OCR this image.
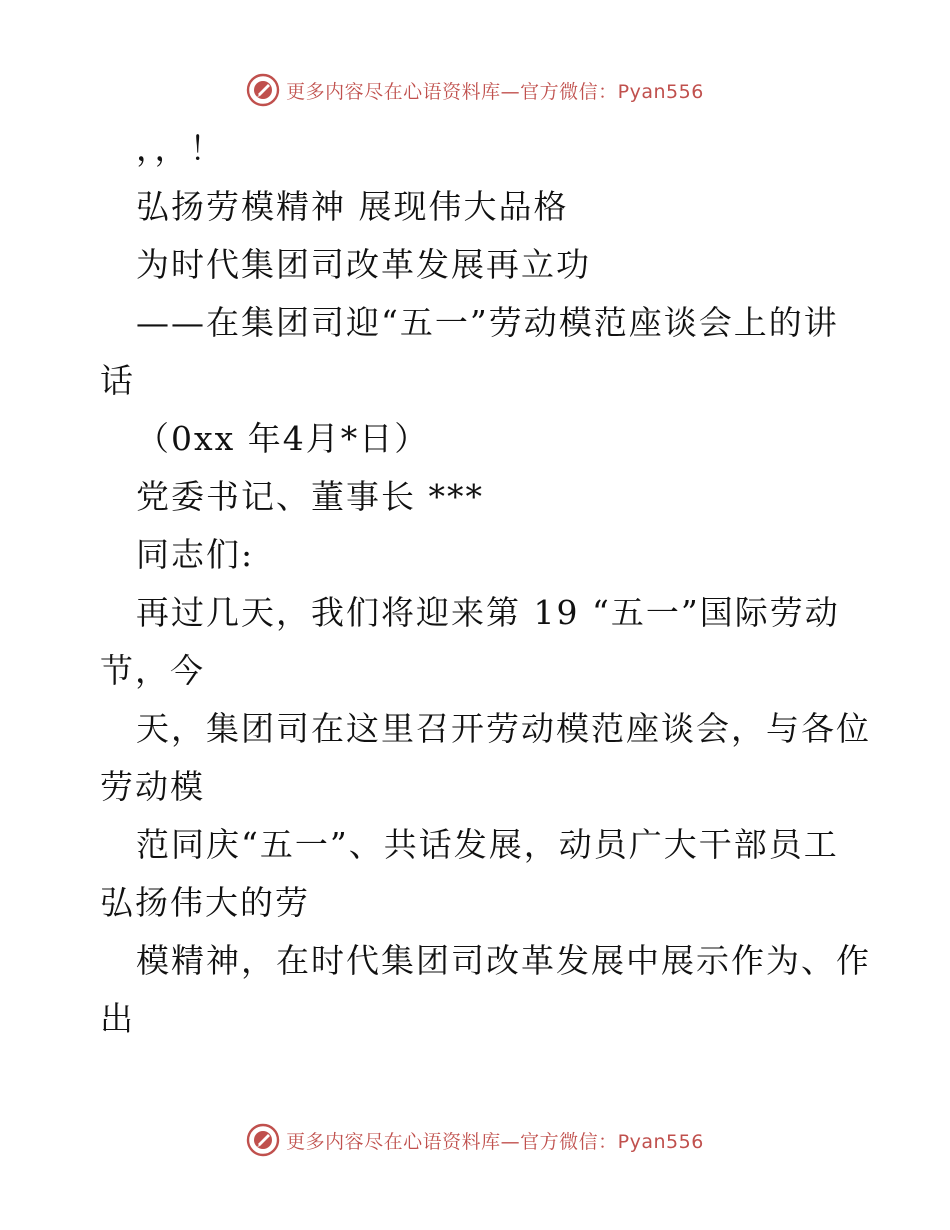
更多内容尽在心语资料库—官方微信：Pyan556
，，！
弘扬劳模精神 展现伟大品格
为时代集团司改革发展再立功
——在集团司迎“五一”劳动模范座谈会上的讲
话
（0xx 年4月*日）
党委书记、董事长 ***
同志们:
再过几天，我们将迎来第 19 “五一”国际劳动
节，今
天，集团司在这里召开劳动模范座谈会，与各位
劳动模
范同庆“五一”、共话发展，动员广大干部员工
弘扬伟大的劳
模精神，在时代集团司改革发展中展示作为、作
出
更多内容尽在心语资料库—官方微信：Pyan556
